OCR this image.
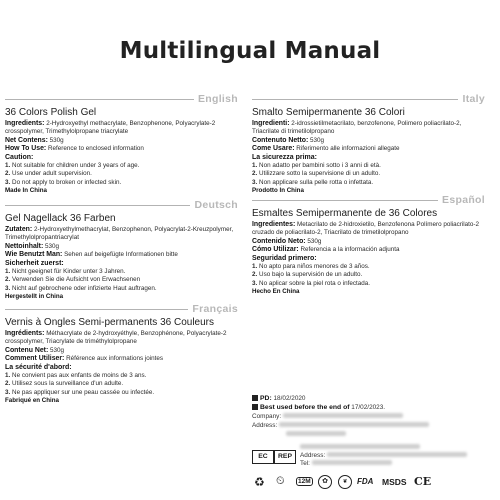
Multilingual Manual
English

36 Colors Polish Gel

Ingredients: 2-Hydroxyethyl methacrylate, Benzophenone, Polyacrylate-2 crosspolymer, Trimethylolpropane triacrylate

Net Contens: 530g

How To Use: Reference to enclosed information

Caution:

1. Not suitable for children under 3 years of age.

2. Use under adult supervision.

3. Do not apply to broken or infected skin.

Made In China

Deutsch

Gel Nagellack 36 Farben

Zutaten: 2-Hydroxyethylmethacrylat, Benzophenon, Polyacrylat-2-Kreuzpolymer, Trimethylolpropantriacrylat

Nettoinhalt: 530g

Wie Benutzt Man: Sehen auf beigefügte Informationen bitte

Sicherheit zuerst:

1. Nicht geeignet für Kinder unter 3 Jahren.

2. Verwenden Sie die Aufsicht von Erwachsenen

3. Nicht auf gebrochene oder infizierte Haut auftragen.

Hergestellt in China

Français

Vernis à Ongles Semi-permanents 36 Couleurs

Ingrédients: Méthacrylate de 2-hydroxyéthyle, Benzophénone, Polyacrylate-2 crosspolymer, Triacrylate de triméthylolpropane

Contenu Net: 530g

Comment Utiliser: Référence aux informations jointes

La sécurité d'abord:

1. Ne convient pas aux enfants de moins de 3 ans.

2. Utilisez sous la surveillance d'un adulte.

3. Ne pas appliquer sur une peau cassée ou infectée.

Fabriqué en China

Italy

Smalto Semipermanente 36 Colori

Ingredienti: 2-idrossietilmetacrilato, benzofenone, Polimero poliacrilato-2, Triacrilate di trimetilolpropano

Contenuto Netto: 530g

Come Usare: Riferimento alle informazioni allegate

La sicurezza prima:

1. Non adatto per bambini sotto i 3 anni di età.

2. Utilizzare sotto la supervisione di un adulto.

3. Non applicare sulla pelle rotta o infettata.

Prodotto In China

Español

Esmaltes Semipermanente de 36 Colores

Ingredientes: Metacrilato de 2-hidroxietilo, Benzofenona Polímero poliacrilato-2 cruzado de poliacrilato-2, Triacrilato de trimetilolpropano

Contenido Neto: 530g

Cómo Utilizar: Referencia a la información adjunta

Seguridad primero:

1. No apto para niños menores de 3 años.

2. Uso bajo la supervisión de un adulto.

3. No aplicar sobre la piel rota o infectada.

Hecho En China

PD: 18/02/2020
Best used before the end of 17/02/2023.
Company:
Address:
Address:
Tel:
EC	REP
♻ ⏲	12M	✿	❦	FDA MSDS CE
